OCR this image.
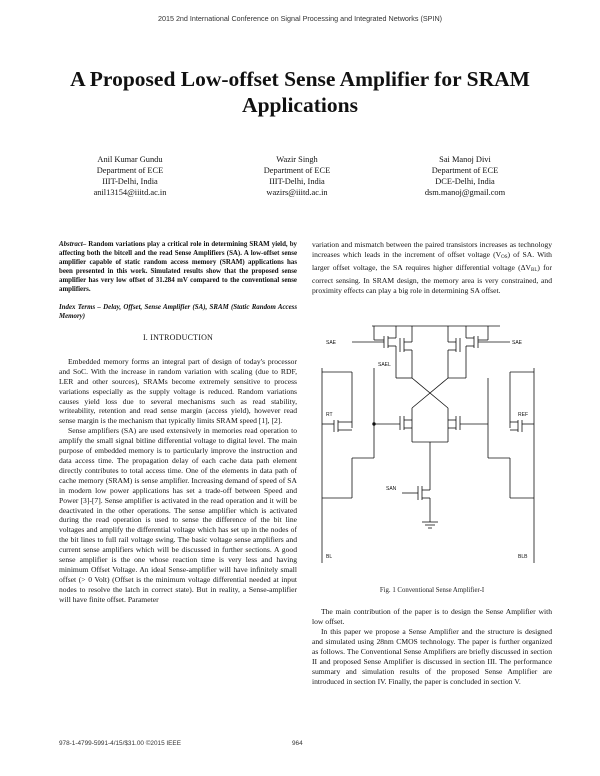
2015 2nd International Conference on Signal Processing and Integrated Networks (SPIN)
A Proposed Low-offset Sense Amplifier for SRAM Applications
Anil Kumar Gundu
Department of ECE
IIIT-Delhi, India
anil13154@iiitd.ac.in
Wazir Singh
Department of ECE
IIIT-Delhi, India
wazirs@iiitd.ac.in
Sai Manoj Divi
Department of ECE
DCE-Delhi, India
dsm.manoj@gmail.com

Abstract– Random variations play a critical role in determining SRAM yield, by affecting both the bitcell and the read Sense Amplifiers (SA). A low-offset sense amplifier capable of static random access memory (SRAM) applications has been presented in this work. Simulated results show that the proposed sense amplifier has very low offset of 31.284 mV compared to the conventional sense amplifiers.

Index Terms – Delay, Offset, Sense Amplifier (SA), SRAM (Static Random Access Memory)

I. INTRODUCTION

Embedded memory forms an integral part of design of today's processor and SoC. With the increase in random variation with scaling (due to RDF, LER and other sources), SRAMs become extremely sensitive to process variations especially as the supply voltage is reduced. Random variations causes yield loss due to several mechanisms such as read stability, writeability, retention and read sense margin (access yield), however read sense margin is the mechanism that typically limits SRAM speed [1], [2].

Sense amplifiers (SA) are used extensively in memories read operation to amplify the small signal bitline differential voltage to digital level. The main purpose of embedded memory is to particularly improve the instruction and data access time. The propagation delay of each cache data path element directly contributes to total access time. One of the elements in data path of cache memory (SRAM) is sense amplifier. Increasing demand of speed of SA in modern low power applications has set a trade-off between Speed and Power [3]-[7]. Sense amplifier is activated in the read operation and it will be deactivated in the other operations. The sense amplifier which is activated during the read operation is used to sense the difference of the bit line voltages and amplify the differential voltage which has set up in the nodes of the bit lines to full rail voltage swing. The basic voltage sense amplifiers and current sense amplifiers which will be discussed in further sections. A good sense amplifier is the one whose reaction time is very less and having minimum Offset Voltage. An ideal Sense-amplifier will have infinitely small offset (> 0 Volt) (Offset is the minimum voltage differential needed at input nodes to resolve the latch in correct state). But in reality, a Sense-amplifier will have finite offset. Parameter

variation and mismatch between the paired transistors increases as technology increases which leads in the increment of offset voltage $(V_{OS})$ of SA. With larger offset voltage, the SA requires higher differential voltage $(\Delta V_{BL})$ for correct sensing. In SRAM design, the memory area is very constrained, and proximity effects can play a big role in determining SA offset.

SAE	SAE
SAEL
RT	REF
SAN
BL	BLB
Fig. 1 Conventional Sense Amplifier-I

The main contribution of the paper is to design the Sense Amplifier with low offset.

In this paper we propose a Sense Amplifier and the structure is designed and simulated using 28nm CMOS technology. The paper is further organized as follows. The Conventional Sense Amplifiers are briefly discussed in section II and proposed Sense Amplifier is discussed in section III. The performance summary and simulation results of the proposed Sense Amplifier are introduced in section IV. Finally, the paper is concluded in section V.

978-1-4799-5991-4/15/$31.00 ©2015 IEEE	964
